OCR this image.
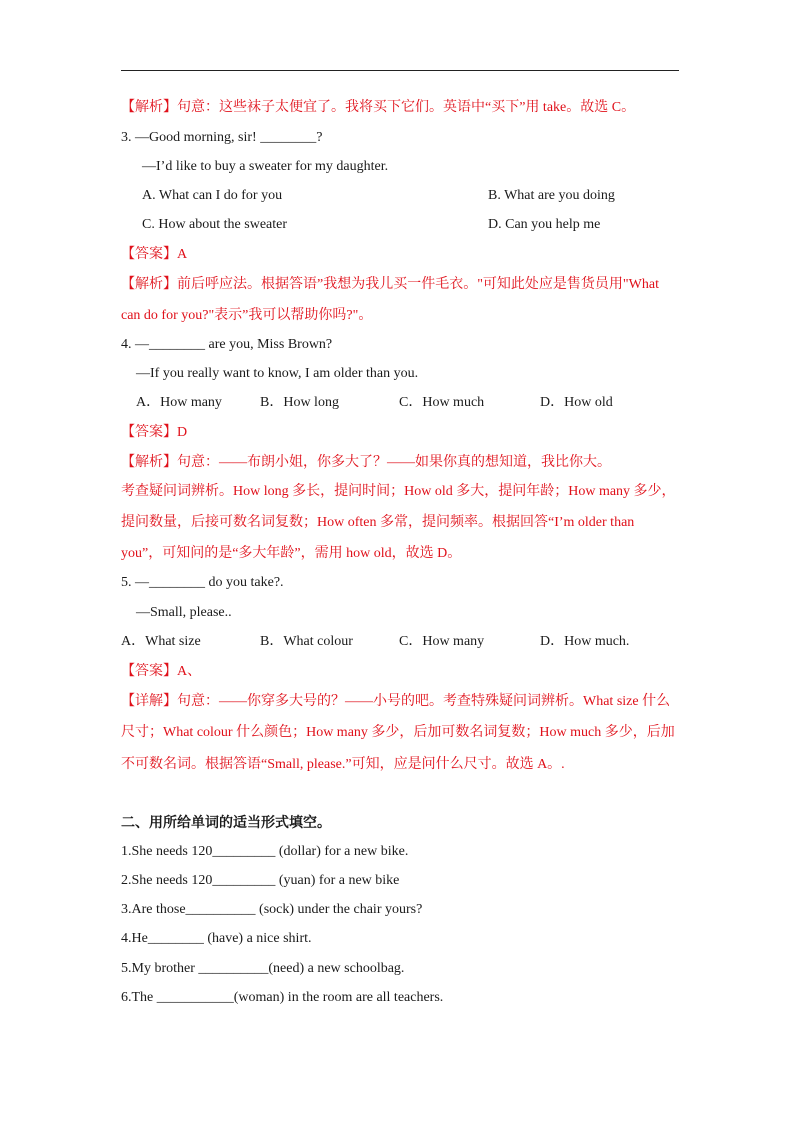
【解析】句意：这些袜子太便宜了。我将买下它们。英语中“买下”用 take。故选 C。
3. —Good morning, sir! ________?
—I’d like to buy a sweater for my daughter.
A. What can I do for you	B. What are you doing
C. How about the sweater	D. Can you help me
【答案】A
【解析】前后呼应法。根据答语”我想为我儿买一件毛衣。"可知此处应是售货员用"What
can do for you?"表示”我可以帮助你吗?"。
4. —________ are you, Miss Brown?
—If you really want to know, I am older than you.
A．How many	B．How long	C．How much	D．How old
【答案】D
【解析】句意：——布朗小姐，你多大了？——如果你真的想知道，我比你大。
考查疑问词辨析。How long 多长，提问时间；How old 多大，提问年龄；How many 多少，
提问数量，后接可数名词复数；How often 多常，提问频率。根据回答“I’m older than
you”，可知问的是“多大年龄”，需用 how old，故选 D。
5. —________ do you take?.
—Small, please..
A．What size	B．What colour	C．How many	D．How much.
【答案】A、
【详解】句意：——你穿多大号的？——小号的吧。考查特殊疑问词辨析。What size 什么
尺寸；What colour 什么颜色；How many 多少，后加可数名词复数；How much 多少，后加
不可数名词。根据答语“Small, please.”可知，应是问什么尺寸。故选 A。.
二、用所给单词的适当形式填空。
1.She needs 120_________ (dollar) for a new bike.
2.She needs 120_________ (yuan) for a new bike
3.Are those__________ (sock) under the chair yours?
4.He________ (have) a nice shirt.
5.My brother __________(need) a new schoolbag.
6.The ___________(woman) in the room are all teachers.
